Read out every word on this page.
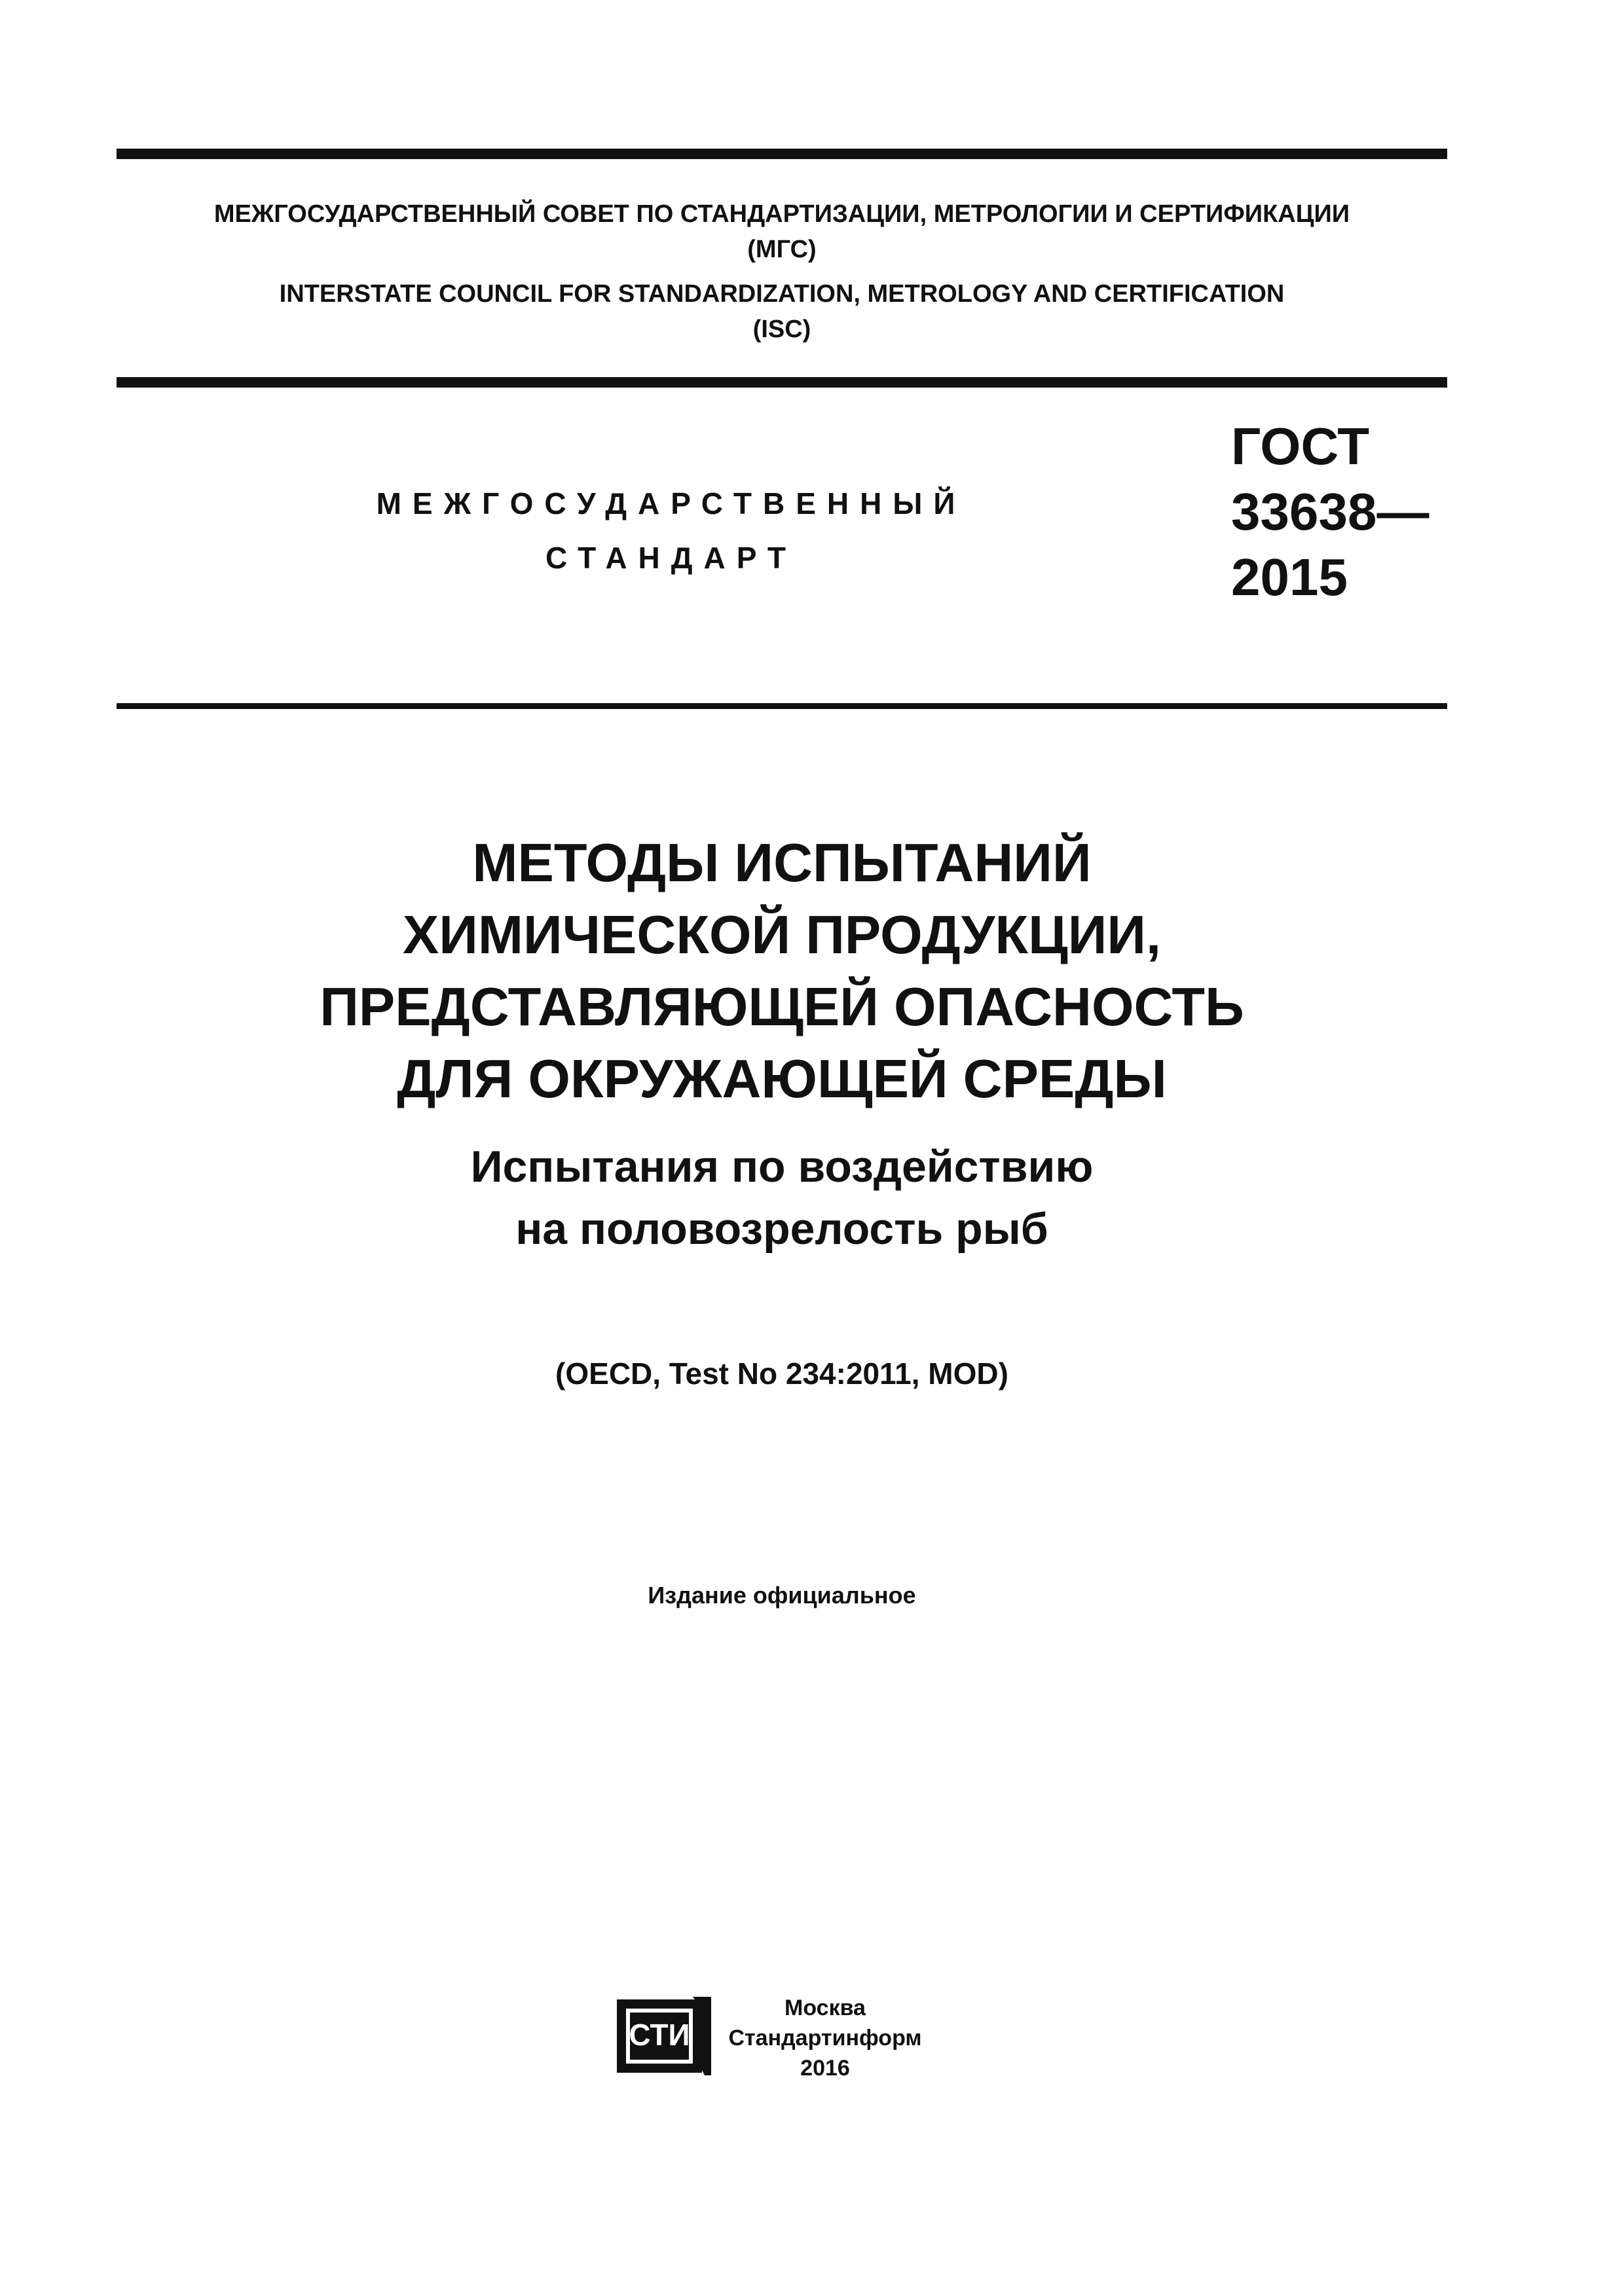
МЕЖГОСУДАРСТВЕННЫЙ СОВЕТ ПО СТАНДАРТИЗАЦИИ, МЕТРОЛОГИИ И СЕРТИФИКАЦИИ
(МГС)
INTERSTATE COUNCIL FOR STANDARDIZATION, METROLOGY AND CERTIFICATION
(ISC)
МЕЖГОСУДАРСТВЕННЫЙ
СТАНДАРТ
ГОСТ
33638—
2015
МЕТОДЫ ИСПЫТАНИЙ
ХИМИЧЕСКОЙ ПРОДУКЦИИ,
ПРЕДСТАВЛЯЮЩЕЙ ОПАСНОСТЬ
ДЛЯ ОКРУЖАЮЩЕЙ СРЕДЫ
Испытания по воздействию
на половозрелость рыб
(OECD, Test No 234:2011, MOD)
Издание официальное
СТИ
Москва
Стандартинформ
2016
